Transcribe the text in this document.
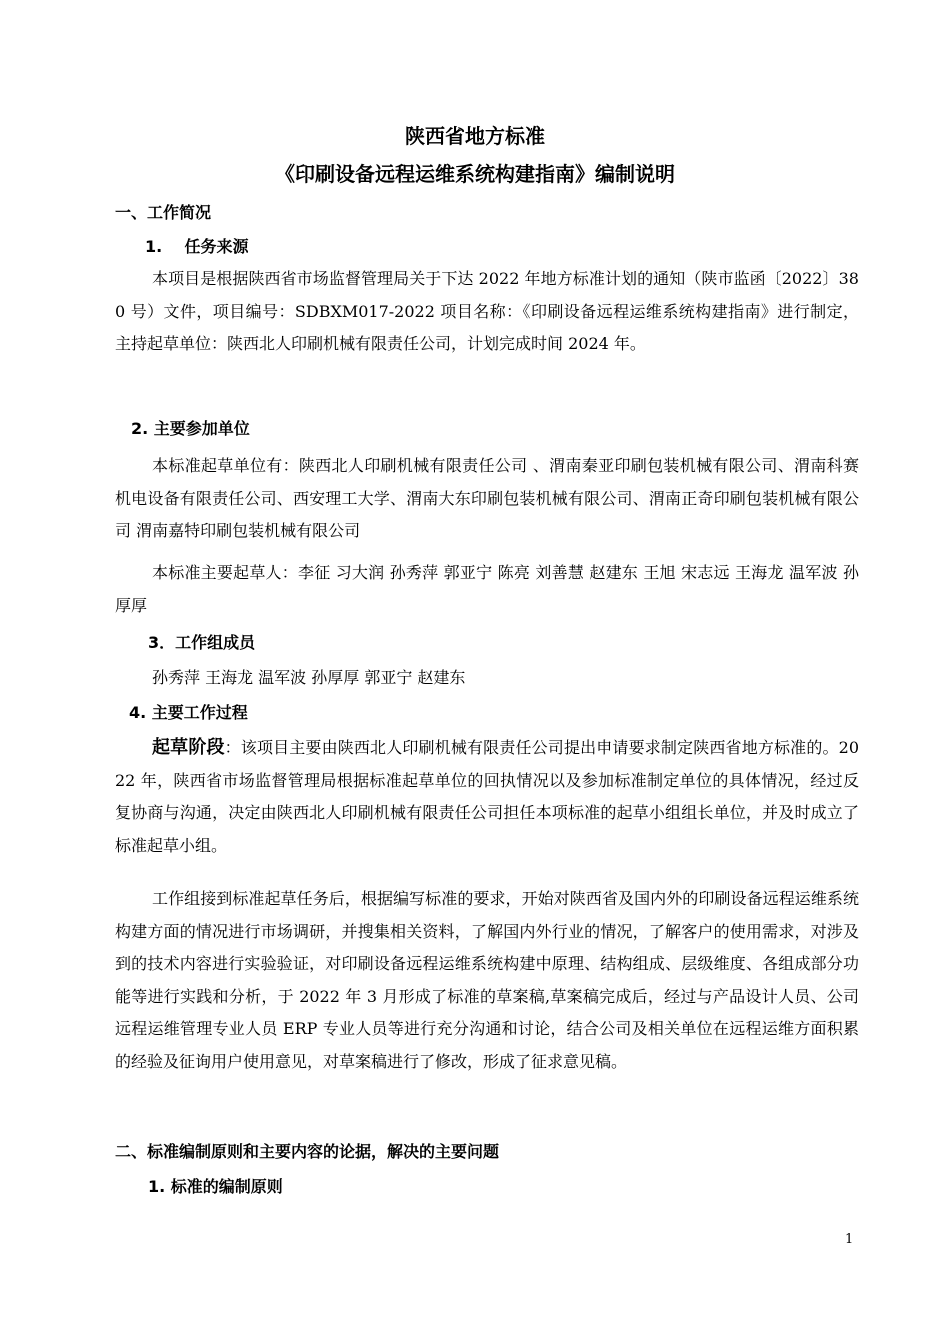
陕西省地方标准
《印刷设备远程运维系统构建指南》编制说明
一、工作简况
1.    任务来源
本项目是根据陕西省市场监督管理局关于下达 2022 年地方标准计划的通知（陕市监函〔2022〕380 号）文件，项目编号：SDBXM017-2022 项目名称：《印刷设备远程运维系统构建指南》进行制定，主持起草单位：陕西北人印刷机械有限责任公司，计划完成时间 2024 年。
2. 主要参加单位
本标准起草单位有：陕西北人印刷机械有限责任公司 、渭南秦亚印刷包装机械有限公司、渭南科赛机电设备有限责任公司、西安理工大学、渭南大东印刷包装机械有限公司、渭南正奇印刷包装机械有限公司 渭南嘉特印刷包装机械有限公司
本标准主要起草人：李征 习大润 孙秀萍 郭亚宁 陈亮 刘善慧 赵建东 王旭 宋志远 王海龙 温军波 孙厚厚
3．工作组成员
孙秀萍 王海龙 温军波 孙厚厚 郭亚宁 赵建东
4. 主要工作过程
起草阶段：该项目主要由陕西北人印刷机械有限责任公司提出申请要求制定陕西省地方标准的。2022 年，陕西省市场监督管理局根据标准起草单位的回执情况以及参加标准制定单位的具体情况，经过反复协商与沟通，决定由陕西北人印刷机械有限责任公司担任本项标准的起草小组组长单位，并及时成立了标准起草小组。
工作组接到标准起草任务后，根据编写标准的要求，开始对陕西省及国内外的印刷设备远程运维系统构建方面的情况进行市场调研，并搜集相关资料，了解国内外行业的情况，了解客户的使用需求，对涉及到的技术内容进行实验验证，对印刷设备远程运维系统构建中原理、结构组成、层级维度、各组成部分功能等进行实践和分析，于 2022 年 3 月形成了标准的草案稿,草案稿完成后，经过与产品设计人员、公司远程运维管理专业人员 ERP 专业人员等进行充分沟通和讨论，结合公司及相关单位在远程运维方面积累的经验及征询用户使用意见，对草案稿进行了修改，形成了征求意见稿。
二、标准编制原则和主要内容的论据，解决的主要问题
1. 标准的编制原则
1
